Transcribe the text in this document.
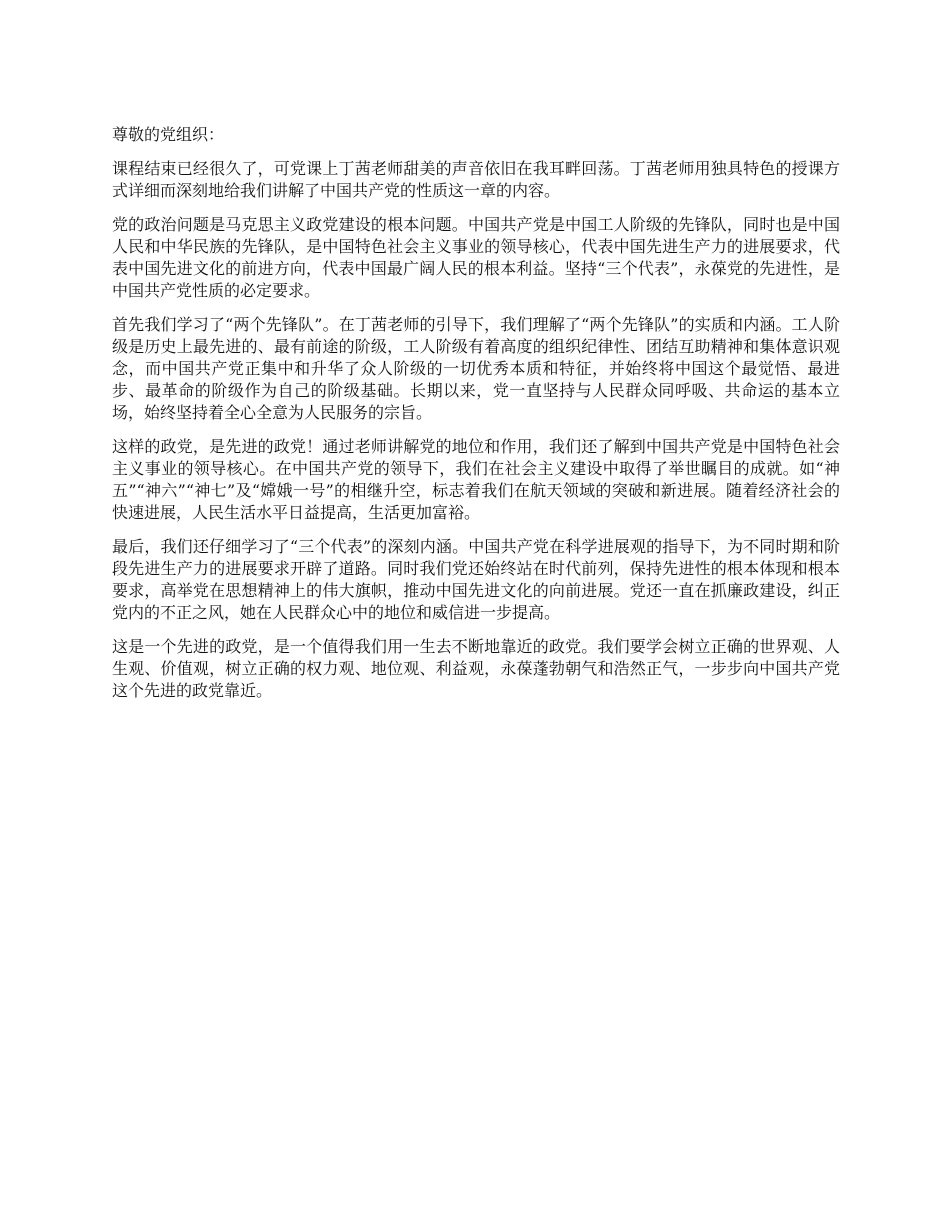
尊敬的党组织：

课程结束已经很久了，可党课上丁茜老师甜美的声音依旧在我耳畔回荡。丁茜老师用独具特色的授课方式详细而深刻地给我们讲解了中国共产党的性质这一章的内容。

党的政治问题是马克思主义政党建设的根本问题。中国共产党是中国工人阶级的先锋队，同时也是中国人民和中华民族的先锋队，是中国特色社会主义事业的领导核心，代表中国先进生产力的进展要求，代表中国先进文化的前进方向，代表中国最广阔人民的根本利益。坚持“三个代表”，永葆党的先进性，是中国共产党性质的必定要求。

首先我们学习了“两个先锋队”。在丁茜老师的引导下，我们理解了“两个先锋队”的实质和内涵。工人阶级是历史上最先进的、最有前途的阶级，工人阶级有着高度的组织纪律性、团结互助精神和集体意识观念，而中国共产党正集中和升华了众人阶级的一切优秀本质和特征，并始终将中国这个最觉悟、最进步、最革命的阶级作为自己的阶级基础。长期以来，党一直坚持与人民群众同呼吸、共命运的基本立场，始终坚持着全心全意为人民服务的宗旨。

这样的政党，是先进的政党！通过老师讲解党的地位和作用，我们还了解到中国共产党是中国特色社会主义事业的领导核心。在中国共产党的领导下，我们在社会主义建设中取得了举世瞩目的成就。如“神五”“神六”“神七”及“嫦娥一号”的相继升空，标志着我们在航天领域的突破和新进展。随着经济社会的快速进展，人民生活水平日益提高，生活更加富裕。

最后，我们还仔细学习了“三个代表”的深刻内涵。中国共产党在科学进展观的指导下，为不同时期和阶段先进生产力的进展要求开辟了道路。同时我们党还始终站在时代前列，保持先进性的根本体现和根本要求，高举党在思想精神上的伟大旗帜，推动中国先进文化的向前进展。党还一直在抓廉政建设，纠正党内的不正之风，她在人民群众心中的地位和威信进一步提高。

这是一个先进的政党，是一个值得我们用一生去不断地靠近的政党。我们要学会树立正确的世界观、人生观、价值观，树立正确的权力观、地位观、利益观，永葆蓬勃朝气和浩然正气，一步步向中国共产党这个先进的政党靠近。
